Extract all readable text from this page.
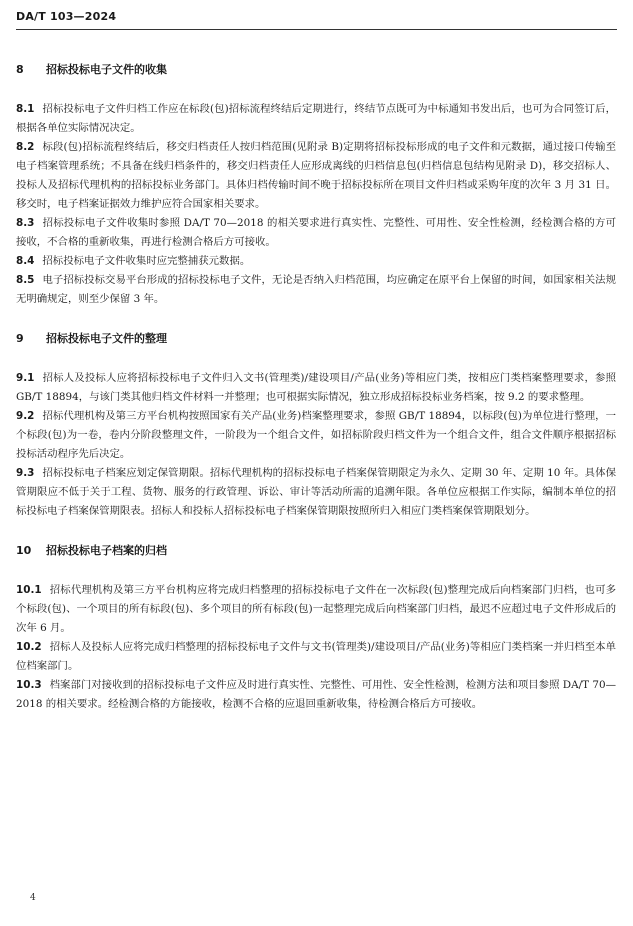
DA/T 103—2024
8 招标投标电子文件的收集

8.1 招标投标电子文件归档工作应在标段(包)招标流程终结后定期进行，终结节点既可为中标通知书发出后，也可为合同签订后，根据各单位实际情况决定。

8.2 标段(包)招标流程终结后，移交归档责任人按归档范围(见附录 B)定期将招标投标形成的电子文件和元数据，通过接口传输至电子档案管理系统；不具备在线归档条件的，移交归档责任人应形成离线的归档信息包(归档信息包结构见附录 D)，移交招标人、投标人及招标代理机构的招标投标业务部门。具体归档传输时间不晚于招标投标所在项目文件归档或采购年度的次年 3 月 31 日。移交时，电子档案证据效力维护应符合国家相关要求。

8.3 招标投标电子文件收集时参照 DA/T 70—2018 的相关要求进行真实性、完整性、可用性、安全性检测，经检测合格的方可接收，不合格的重新收集，再进行检测合格后方可接收。

8.4 招标投标电子文件收集时应完整捕获元数据。

8.5 电子招标投标交易平台形成的招标投标电子文件，无论是否纳入归档范围，均应确定在原平台上保留的时间，如国家相关法规无明确规定，则至少保留 3 年。

9 招标投标电子文件的整理

9.1 招标人及投标人应将招标投标电子文件归入文书(管理类)/建设项目/产品(业务)等相应门类，按相应门类档案整理要求，参照 GB/T 18894，与该门类其他归档文件材料一并整理；也可根据实际情况，独立形成招标投标业务档案，按 9.2 的要求整理。

9.2 招标代理机构及第三方平台机构按照国家有关产品(业务)档案整理要求，参照 GB/T 18894，以标段(包)为单位进行整理，一个标段(包)为一卷，卷内分阶段整理文件，一阶段为一个组合文件，如招标阶段归档文件为一个组合文件，组合文件顺序根据招标投标活动程序先后决定。

9.3 招标投标电子档案应划定保管期限。招标代理机构的招标投标电子档案保管期限定为永久、定期 30 年、定期 10 年。具体保管期限应不低于关于工程、货物、服务的行政管理、诉讼、审计等活动所需的追溯年限。各单位应根据工作实际，编制本单位的招标投标电子档案保管期限表。招标人和投标人招标投标电子档案保管期限按照所归入相应门类档案保管期限划分。

10 招标投标电子档案的归档

10.1 招标代理机构及第三方平台机构应将完成归档整理的招标投标电子文件在一次标段(包)整理完成后向档案部门归档，也可多个标段(包)、一个项目的所有标段(包)、多个项目的所有标段(包)一起整理完成后向档案部门归档，最迟不应超过电子文件形成后的次年 6 月。

10.2 招标人及投标人应将完成归档整理的招标投标电子文件与文书(管理类)/建设项目/产品(业务)等相应门类档案一并归档至本单位档案部门。

10.3 档案部门对接收到的招标投标电子文件应及时进行真实性、完整性、可用性、安全性检测，检测方法和项目参照 DA/T 70—2018 的相关要求。经检测合格的方能接收，检测不合格的应退回重新收集，待检测合格后方可接收。

4
